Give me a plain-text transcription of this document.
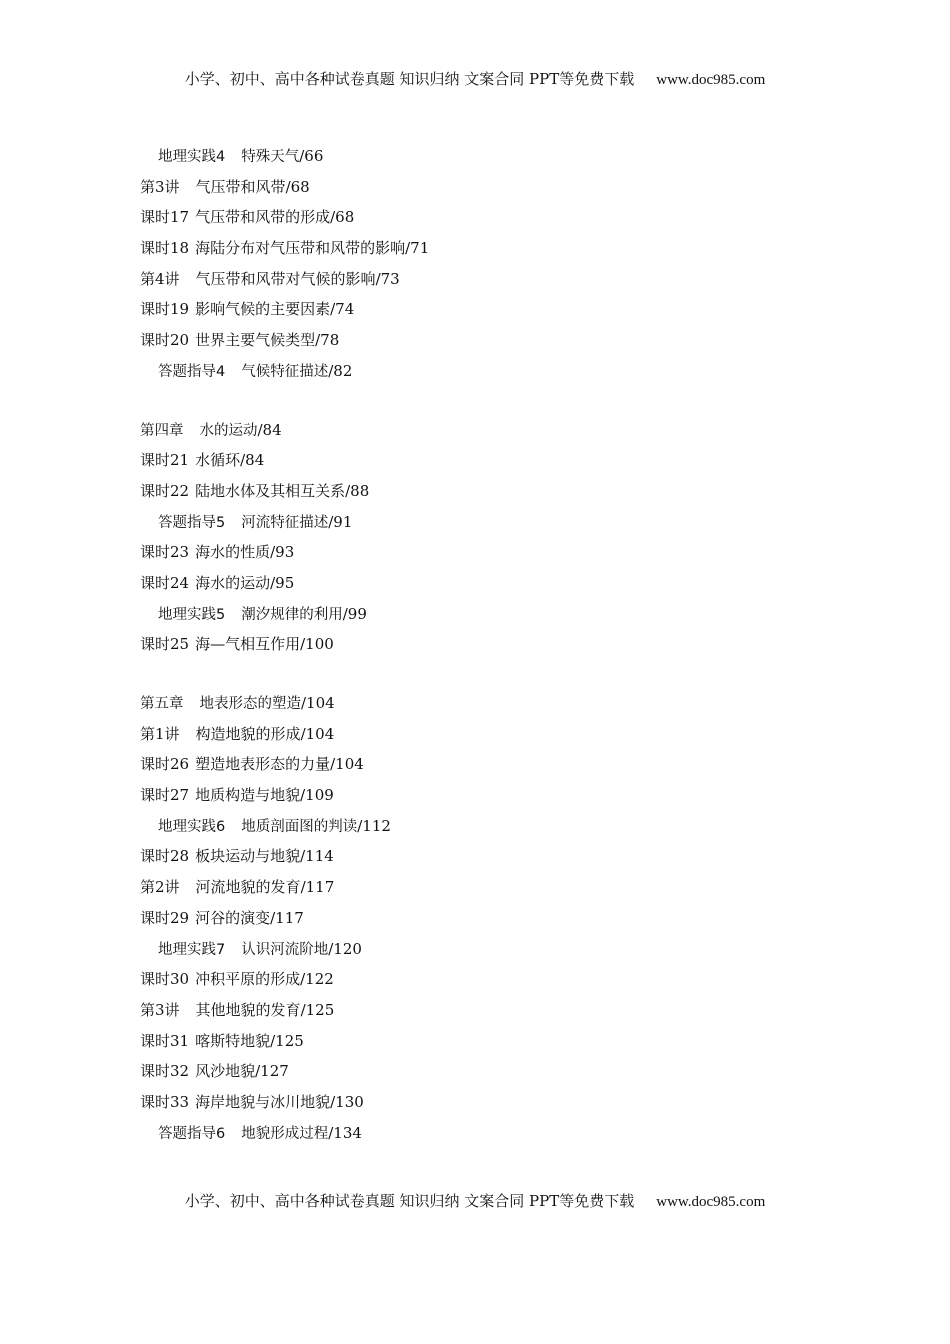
小学、初中、高中各种试卷真题 知识归纳 文案合同 PPT等免费下载 www.doc985.com
地理实践4 特殊天气/66
第3讲 气压带和风带/68
课时17 气压带和风带的形成/68
课时18 海陆分布对气压带和风带的影响/71
第4讲 气压带和风带对气候的影响/73
课时19 影响气候的主要因素/74
课时20 世界主要气候类型/78
答题指导4 气候特征描述/82
第四章 水的运动/84
课时21 水循环/84
课时22 陆地水体及其相互关系/88
答题指导5 河流特征描述/91
课时23 海水的性质/93
课时24 海水的运动/95
地理实践5 潮汐规律的利用/99
课时25 海—气相互作用/100
第五章 地表形态的塑造/104
第1讲 构造地貌的形成/104
课时26 塑造地表形态的力量/104
课时27 地质构造与地貌/109
地理实践6 地质剖面图的判读/112
课时28 板块运动与地貌/114
第2讲 河流地貌的发育/117
课时29 河谷的演变/117
地理实践7 认识河流阶地/120
课时30 冲积平原的形成/122
第3讲 其他地貌的发育/125
课时31 喀斯特地貌/125
课时32 风沙地貌/127
课时33 海岸地貌与冰川地貌/130
答题指导6 地貌形成过程/134
小学、初中、高中各种试卷真题 知识归纳 文案合同 PPT等免费下载 www.doc985.com
